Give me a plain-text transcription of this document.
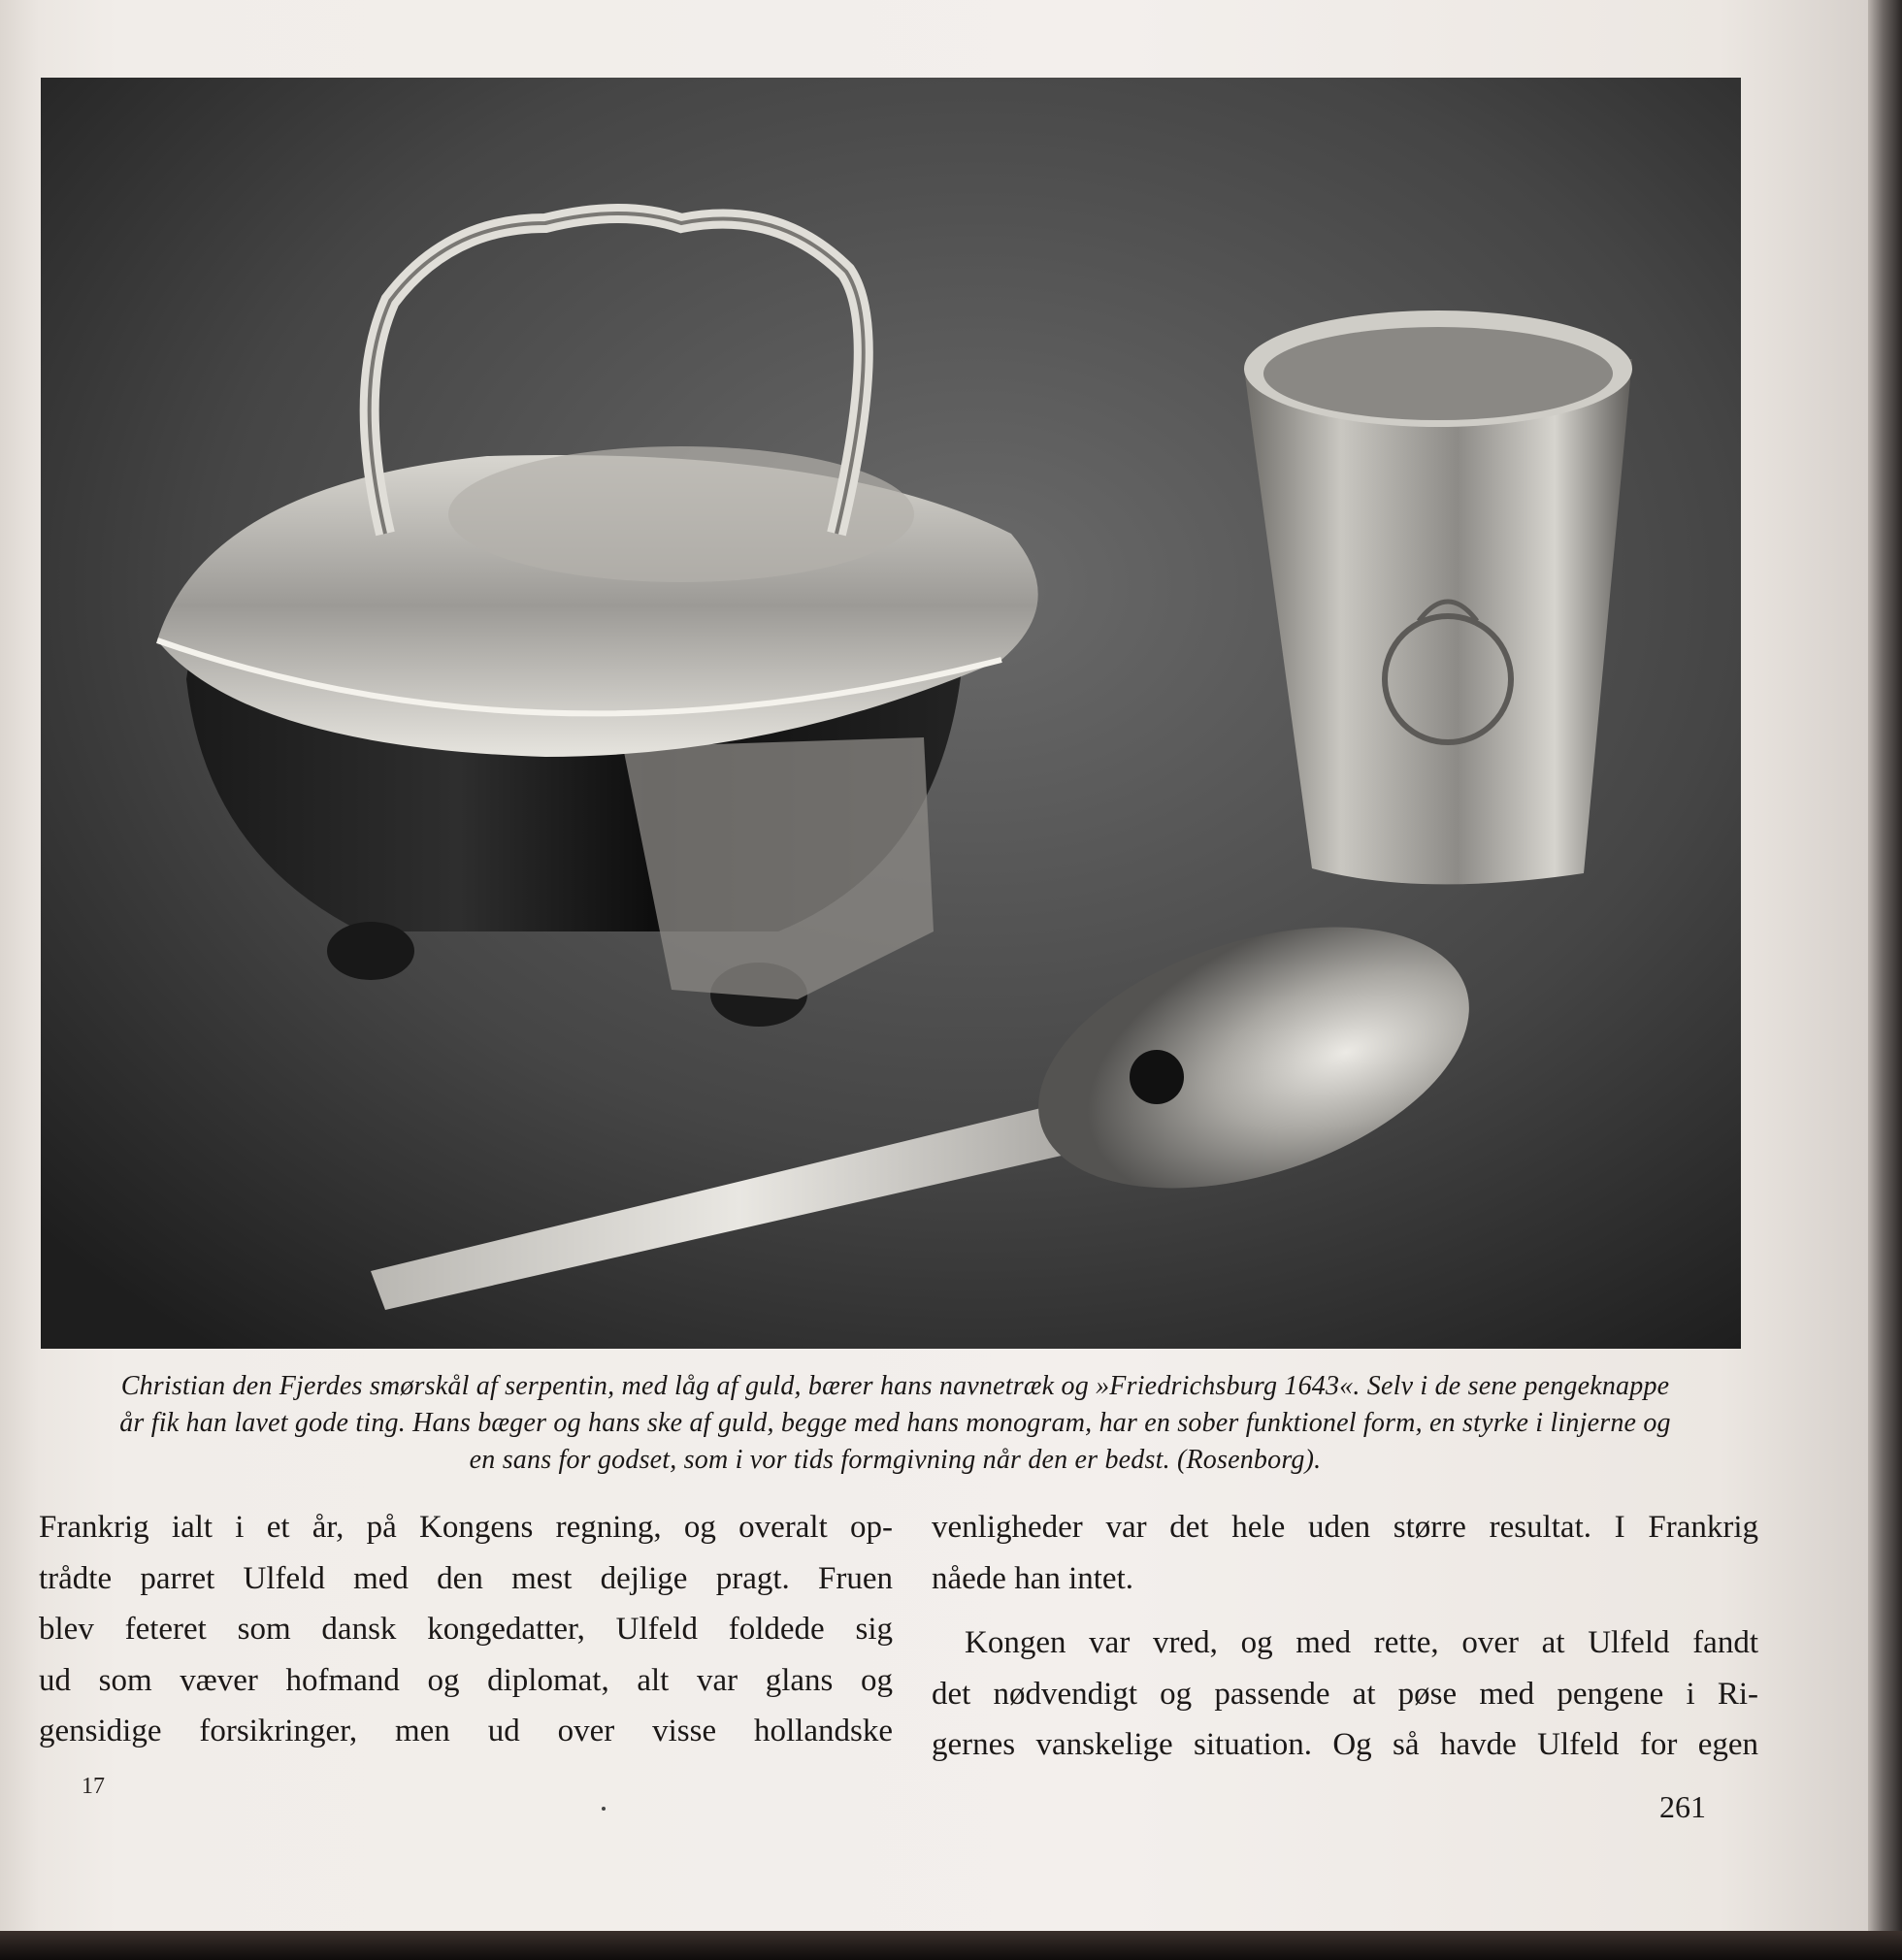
Christian den Fjerdes smørskål af serpentin, med låg af guld, bærer hans navnetræk og »Friedrichsburg 1643«. Selv i de sene pengeknappe
år fik han lavet gode ting. Hans bæger og hans ske af guld, begge med hans monogram, har en sober funktionel form, en styrke i linjerne og
en sans for godset, som i vor tids formgivning når den er bedst. (Rosenborg).
Frankrig ialt i et år, på Kongens regning, og overalt op-
trådte parret Ulfeld med den mest dejlige pragt. Fruen
blev feteret som dansk kongedatter, Ulfeld foldede sig
ud som væver hofmand og diplomat, alt var glans og
gensidige forsikringer, men ud over visse hollandske
venligheder var det hele uden større resultat. I Frankrig
nåede han intet.
Kongen var vred, og med rette, over at Ulfeld fandt
det nødvendigt og passende at pøse med pengene i Ri-
gernes vanskelige situation. Og så havde Ulfeld for egen
17
261
